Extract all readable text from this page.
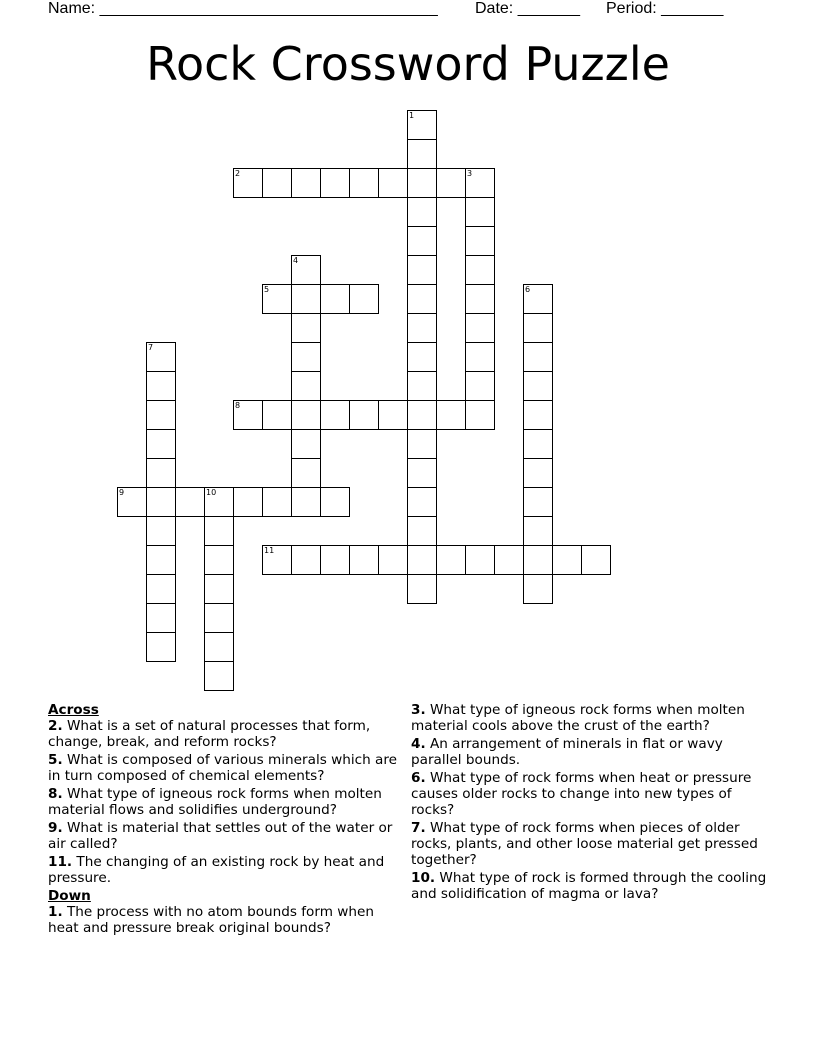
Name: ______________________________________ Date: _______ Period: _______
Rock Crossword Puzzle
1
2	3
4
5	6
7
8
9	10
11
Across
2. What is a set of natural processes that form, change, break, and reform rocks?
5. What is composed of various minerals which are in turn composed of chemical elements?
8. What type of igneous rock forms when molten material flows and solidifies underground?
9. What is material that settles out of the water or air called?
11. The changing of an existing rock by heat and pressure.
Down
1. The process with no atom bounds form when heat and pressure break original bounds?
3. What type of igneous rock forms when molten material cools above the crust of the earth?
4. An arrangement of minerals in flat or wavy parallel bounds.
6. What type of rock forms when heat or pressure causes older rocks to change into new types of rocks?
7. What type of rock forms when pieces of older rocks, plants, and other loose material get pressed together?
10. What type of rock is formed through the cooling and solidification of magma or lava?
